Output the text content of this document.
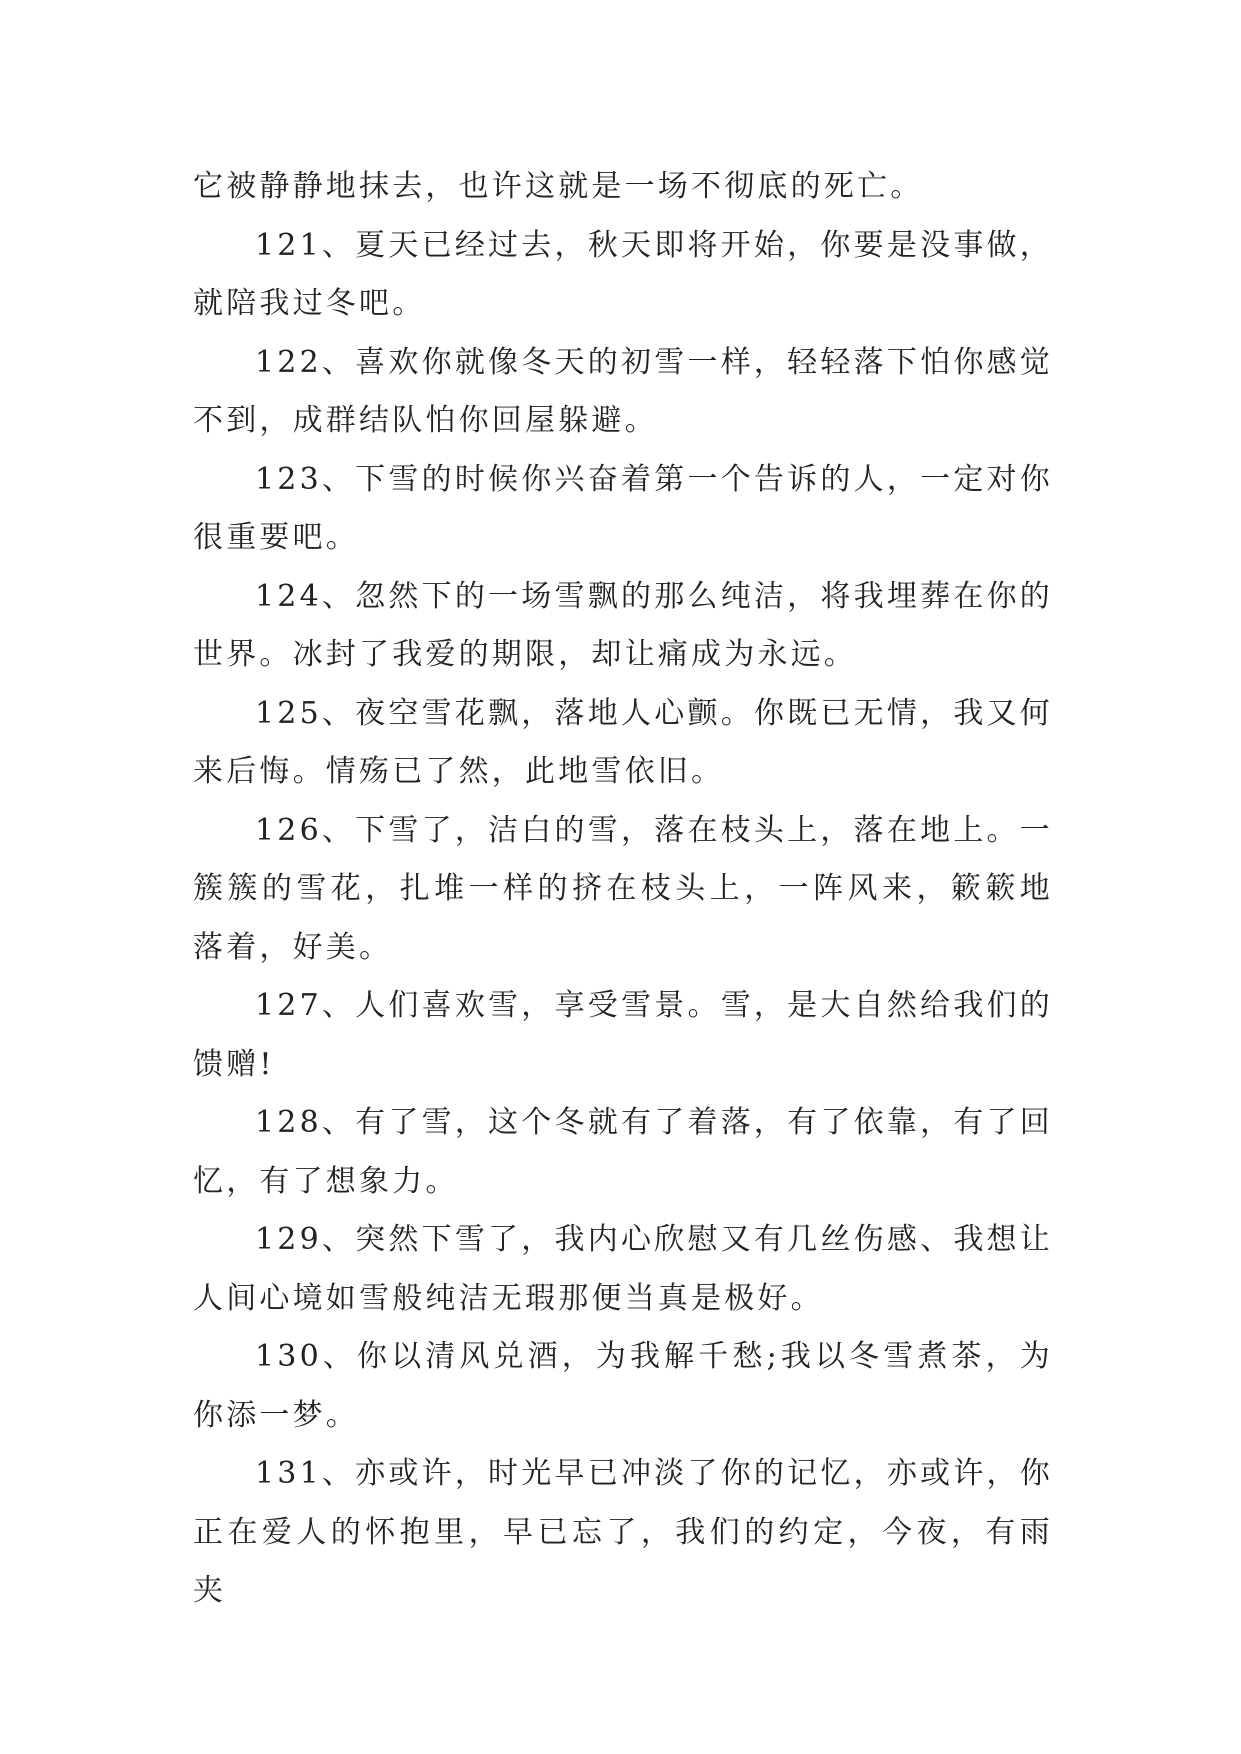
它被静静地抹去，也许这就是一场不彻底的死亡。

121、夏天已经过去，秋天即将开始，你要是没事做，就陪我过冬吧。

122、喜欢你就像冬天的初雪一样，轻轻落下怕你感觉不到，成群结队怕你回屋躲避。

123、下雪的时候你兴奋着第一个告诉的人，一定对你很重要吧。

124、忽然下的一场雪飘的那么纯洁，将我埋葬在你的世界。冰封了我爱的期限，却让痛成为永远。

125、夜空雪花飘，落地人心颤。你既已无情，我又何来后悔。情殇已了然，此地雪依旧。

126、下雪了，洁白的雪，落在枝头上，落在地上。一簇簇的雪花，扎堆一样的挤在枝头上，一阵风来，簌簌地落着，好美。

127、人们喜欢雪，享受雪景。雪，是大自然给我们的馈赠!

128、有了雪，这个冬就有了着落，有了依靠，有了回忆，有了想象力。

129、突然下雪了，我内心欣慰又有几丝伤感、我想让人间心境如雪般纯洁无瑕那便当真是极好。

130、你以清风兑酒，为我解千愁;我以冬雪煮茶，为你添一梦。

131、亦或许，时光早已冲淡了你的记忆，亦或许，你正在爱人的怀抱里，早已忘了，我们的约定，今夜，有雨夹
